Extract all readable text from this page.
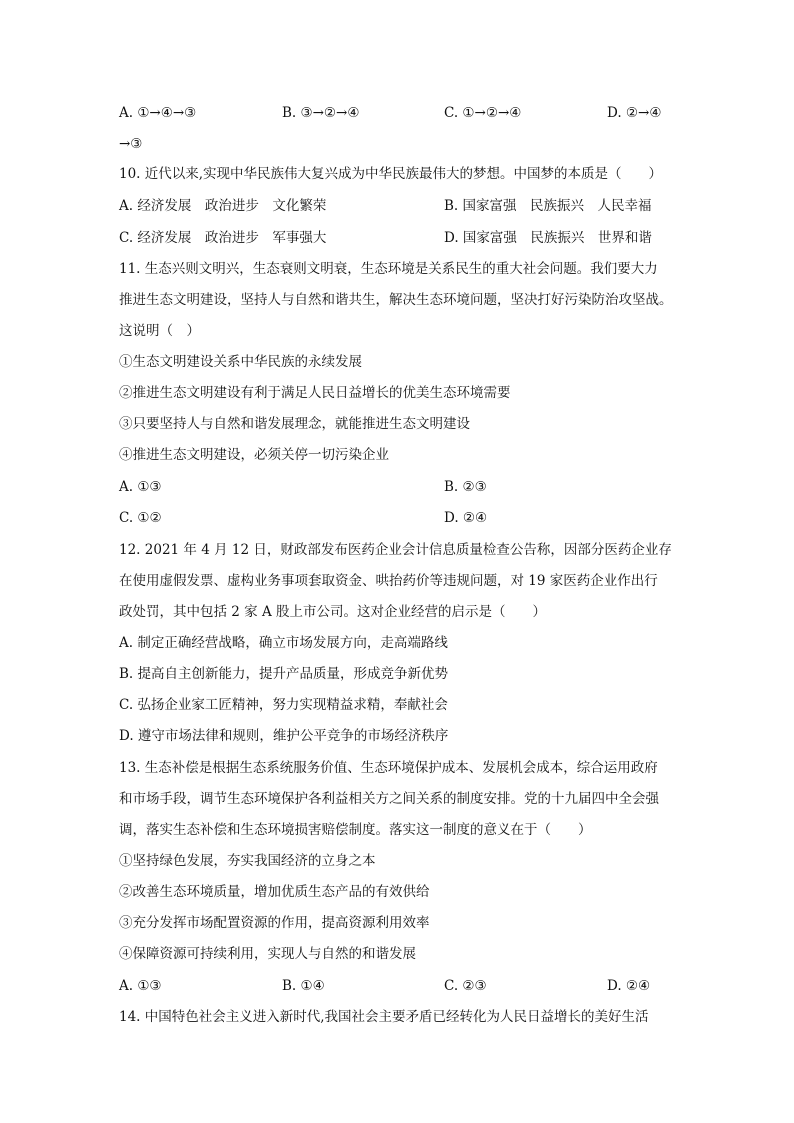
A. ①→④→③	B. ③→②→④	C. ①→②→④	D. ②→④
→③
10. 近代以来,实现中华民族伟大复兴成为中华民族最伟大的梦想。中国梦的本质是（　　）
A. 经济发展　政治进步　文化繁荣	B. 国家富强　民族振兴　人民幸福
C. 经济发展　政治进步　军事强大	D. 国家富强　民族振兴　世界和谐
11. 生态兴则文明兴，生态衰则文明衰，生态环境是关系民生的重大社会问题。我们要大力
推进生态文明建设，坚持人与自然和谐共生，解决生态环境问题，坚决打好污染防治攻坚战。
这说明（　）
①生态文明建设关系中华民族的永续发展
②推进生态文明建设有利于满足人民日益增长的优美生态环境需要
③只要坚持人与自然和谐发展理念，就能推进生态文明建设
④推进生态文明建设，必须关停一切污染企业
A. ①③	B. ②③
C. ①②	D. ②④
12. 2021 年 4 月 12 日，财政部发布医药企业会计信息质量检查公告称，因部分医药企业存
在使用虚假发票、虚构业务事项套取资金、哄抬药价等违规问题，对 19 家医药企业作出行
政处罚，其中包括 2 家 A 股上市公司。这对企业经营的启示是（　　）
A. 制定正确经营战略，确立市场发展方向，走高端路线
B. 提高自主创新能力，提升产品质量，形成竞争新优势
C. 弘扬企业家工匠精神，努力实现精益求精，奉献社会
D. 遵守市场法律和规则，维护公平竞争的市场经济秩序
13. 生态补偿是根据生态系统服务价值、生态环境保护成本、发展机会成本，综合运用政府
和市场手段，调节生态环境保护各利益相关方之间关系的制度安排。党的十九届四中全会强
调，落实生态补偿和生态环境损害赔偿制度。落实这一制度的意义在于（　　）
①坚持绿色发展，夯实我国经济的立身之本
②改善生态环境质量，增加优质生态产品的有效供给
③充分发挥市场配置资源的作用，提高资源利用效率
④保障资源可持续利用，实现人与自然的和谐发展
A. ①③	B. ①④	C. ②③	D. ②④
14. 中国特色社会主义进入新时代,我国社会主要矛盾已经转化为人民日益增长的美好生活
